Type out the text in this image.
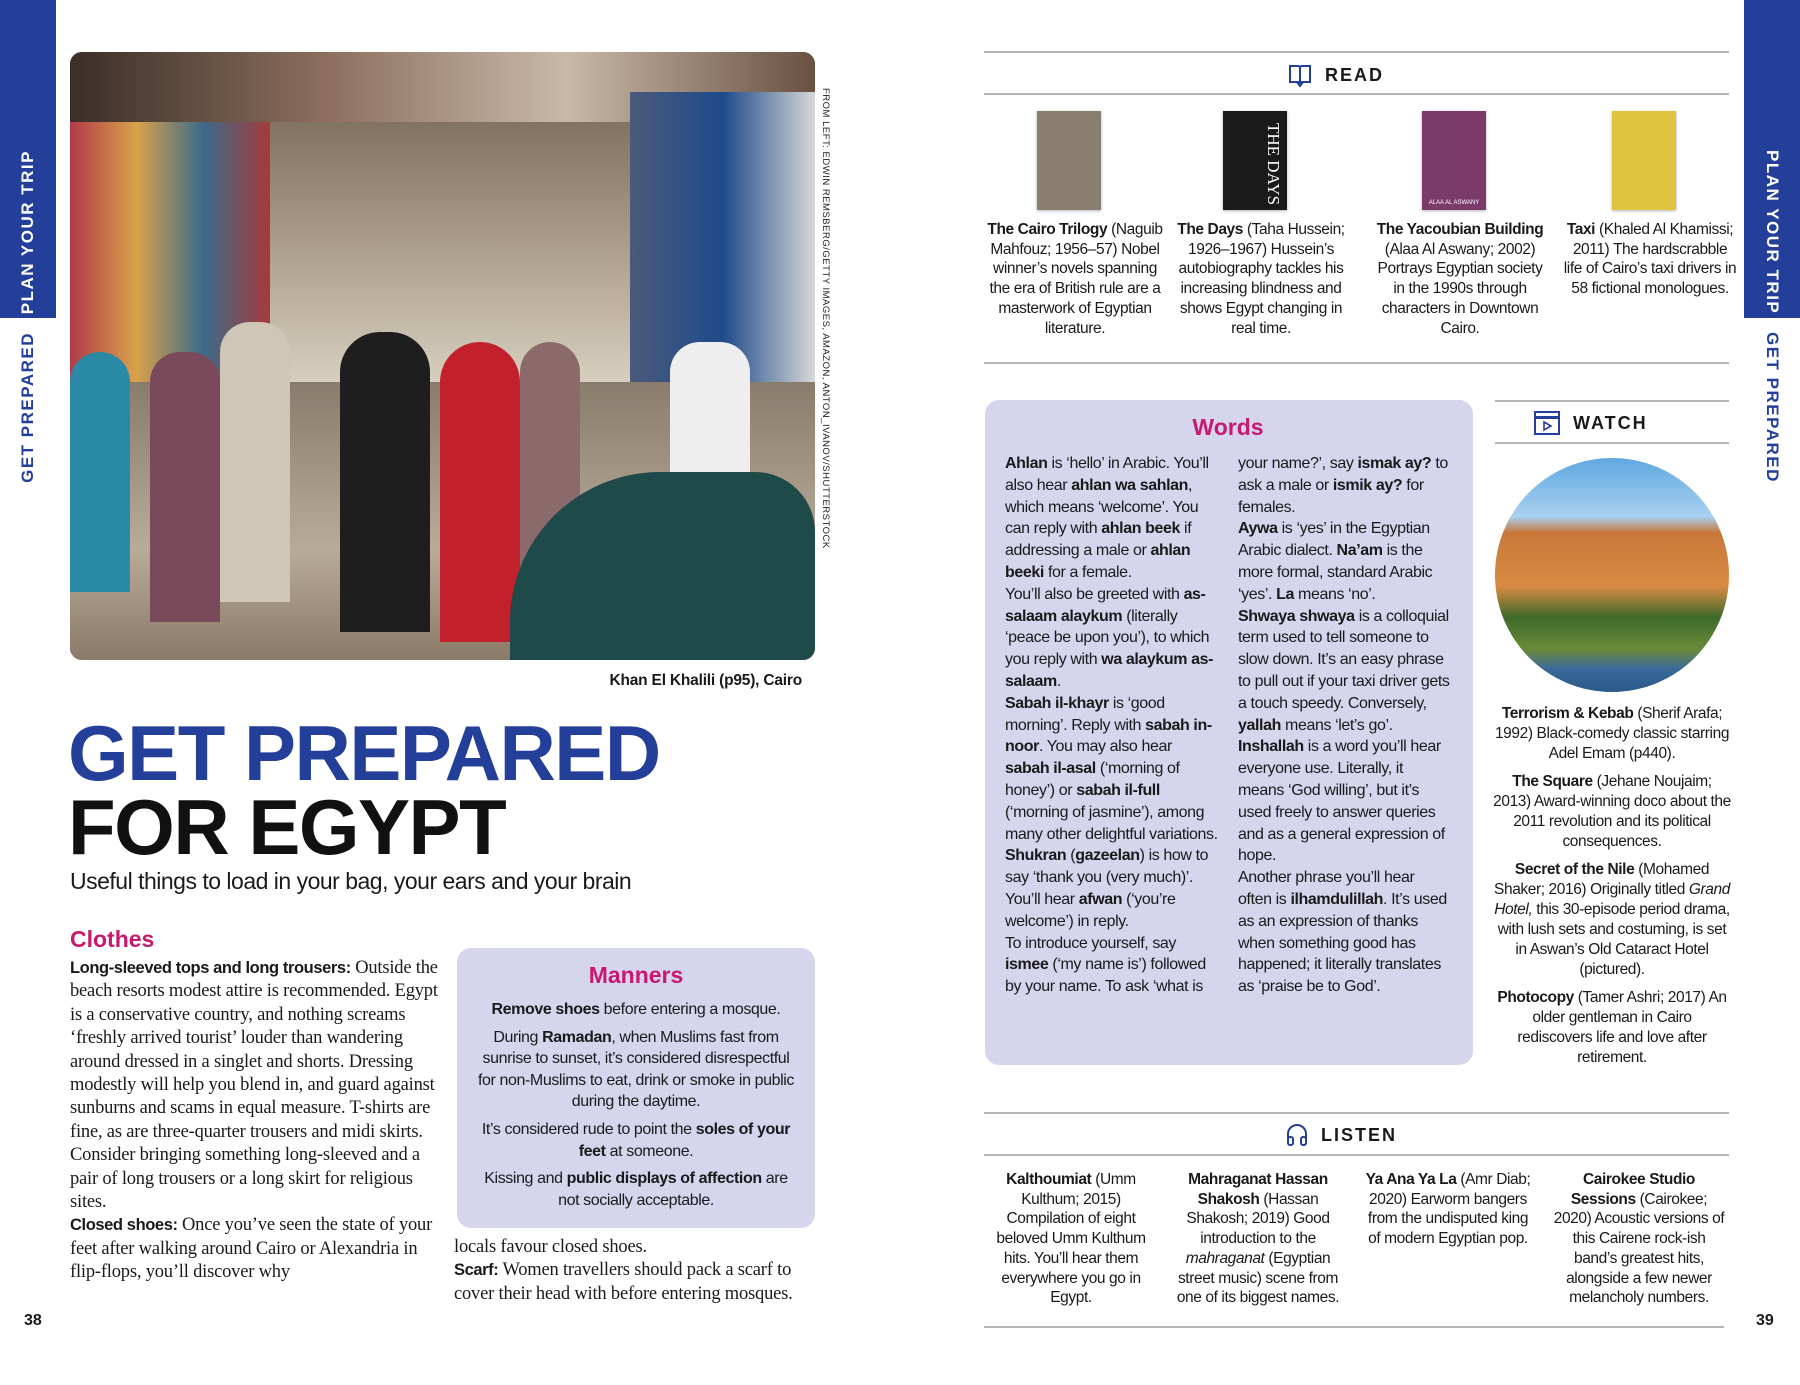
PLAN YOUR TRIP
GET PREPARED
PLAN YOUR TRIP
GET PREPARED
FROM LEFT: EDWIN REMSBERG/GETTY IMAGES, AMAZON, ANTON_IVANOV/SHUTTERSTOCK
Khan El Khalili (p95), Cairo
GET PREPARED
FOR EGYPT
Useful things to load in your bag, your ears and your brain
Clothes

Long-sleeved tops and long trousers: Outside the beach resorts modest attire is recommended. Egypt is a conservative country, and nothing screams ‘freshly arrived tourist’ louder than wandering around dressed in a singlet and shorts. Dressing modestly will help you blend in, and guard against sunburns and scams in equal measure. T-shirts are fine, as are three-quarter trousers and midi skirts. Consider bringing something long-sleeved and a pair of long trousers or a long skirt for religious sites.

Closed shoes: Once you’ve seen the state of your feet after walking around Cairo or Alexandria in flip-flops, you’ll discover why

locals favour closed shoes.

Scarf: Women travellers should pack a scarf to cover their head with before entering mosques.

Manners

Remove shoes before entering a mosque.

During Ramadan, when Muslims fast from sunrise to sunset, it’s considered disrespectful for non-Muslims to eat, drink or smoke in public during the daytime.

It’s considered rude to point the soles of your feet at someone.

Kissing and public displays of affection are not socially acceptable.

38	39
READ
Words

Ahlan is ‘hello’ in Arabic. You’ll also hear ahlan wa sahlan, which means ‘welcome’. You can reply with ahlan beek if addressing a male or ahlan beeki for a female.

You’ll also be greeted with as-salaam alaykum (literally ‘peace be upon you’), to which you reply with wa alaykum as-salaam.

Sabah il-khayr is ‘good morning’. Reply with sabah in-noor. You may also hear sabah il-asal (‘morning of honey’) or sabah il-full (‘morning of jasmine’), among many other delightful variations.

Shukran (gazeelan) is how to say ‘thank you (very much)’. You’ll hear afwan (‘you’re welcome’) in reply.

To introduce yourself, say ismee (‘my name is’) followed by your name. To ask ‘what is your name?’, say ismak ay? to ask a male or ismik ay? for females.

Aywa is ‘yes’ in the Egyptian Arabic dialect. Na’am is the more formal, standard Arabic ‘yes’. La means ‘no’.

Shwaya shwaya is a colloquial term used to tell someone to slow down. It’s an easy phrase to pull out if your taxi driver gets a touch speedy. Conversely, yallah means ‘let’s go’.

Inshallah is a word you’ll hear everyone use. Literally, it means ‘God willing’, but it’s used freely to answer queries and as a general expression of hope.

Another phrase you’ll hear often is ilhamdulillah. It’s used as an expression of thanks when something good has happened; it literally translates as ‘praise be to God’.

WATCH

Terrorism & Kebab (Sherif Arafa; 1992) Black-comedy classic starring Adel Emam (p440).

The Square (Jehane Noujaim; 2013) Award-winning doco about the 2011 revolution and its political consequences.

Secret of the Nile (Mohamed Shaker; 2016) Originally titled Grand Hotel, this 30-episode period drama, with lush sets and costuming, is set in Aswan’s Old Cataract Hotel (pictured).

Photocopy (Tamer Ashri; 2017) An older gentleman in Cairo rediscovers life and love after retirement.

LISTEN
The Cairo Trilogy (Naguib Mahfouz; 1956–57) Nobel winner’s novels spanning the era of British rule are a masterwork of Egyptian literature.
THE DAYS
The Days (Taha Hussein; 1926–1967) Hussein’s autobiography tackles his increasing blindness and shows Egypt changing in real time.
ALAA AL ASWANY
The Yacoubian Building (Alaa Al Aswany; 2002) Portrays Egyptian society in the 1990s through characters in Downtown Cairo.
Taxi (Khaled Al Khamissi; 2011) The hardscrabble life of Cairo’s taxi drivers in 58 fictional monologues.
Kalthoumiat (Umm Kulthum; 2015) Compilation of eight beloved Umm Kulthum hits. You’ll hear them everywhere you go in Egypt.
Mahraganat Hassan Shakosh (Hassan Shakosh; 2019) Good introduction to the mahraganat (Egyptian street music) scene from one of its biggest names.
Ya Ana Ya La (Amr Diab; 2020) Earworm bangers from the undisputed king of modern Egyptian pop.
Cairokee Studio Sessions (Cairokee; 2020) Acoustic versions of this Cairene rock-ish band’s greatest hits, alongside a few newer melancholy numbers.
